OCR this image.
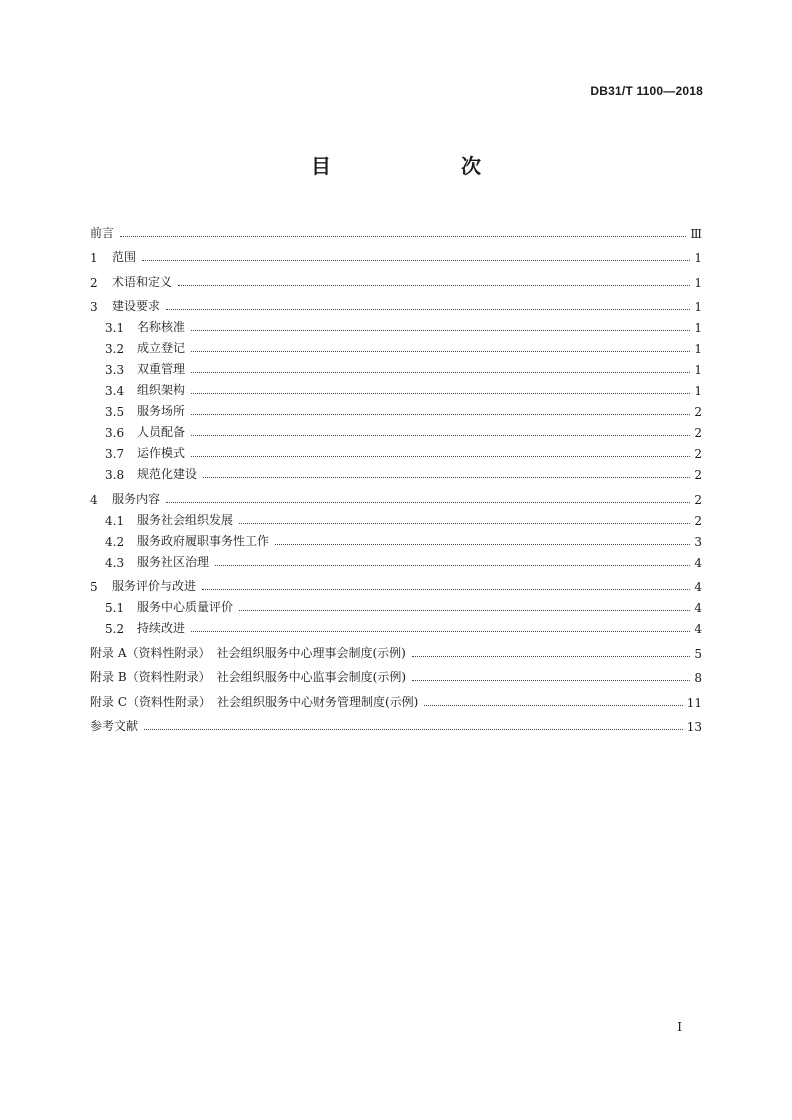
DB31/T 1100—2018
目　　次
前言	Ⅲ
1	范围	1
2	术语和定义	1
3	建设要求	1
3.1	名称核准	1
3.2	成立登记	1
3.3	双重管理	1
3.4	组织架构	1
3.5	服务场所	2
3.6	人员配备	2
3.7	运作模式	2
3.8	规范化建设	2
4	服务内容	2
4.1	服务社会组织发展	2
4.2	服务政府履职事务性工作	3
4.3	服务社区治理	4
5	服务评价与改进	4
5.1	服务中心质量评价	4
5.2	持续改进	4
附录 A（资料性附录）　社会组织服务中心理事会制度(示例)	5
附录 B（资料性附录）　社会组织服务中心监事会制度(示例)	8
附录 C（资料性附录）　社会组织服务中心财务管理制度(示例)	11
参考文献	13
I
